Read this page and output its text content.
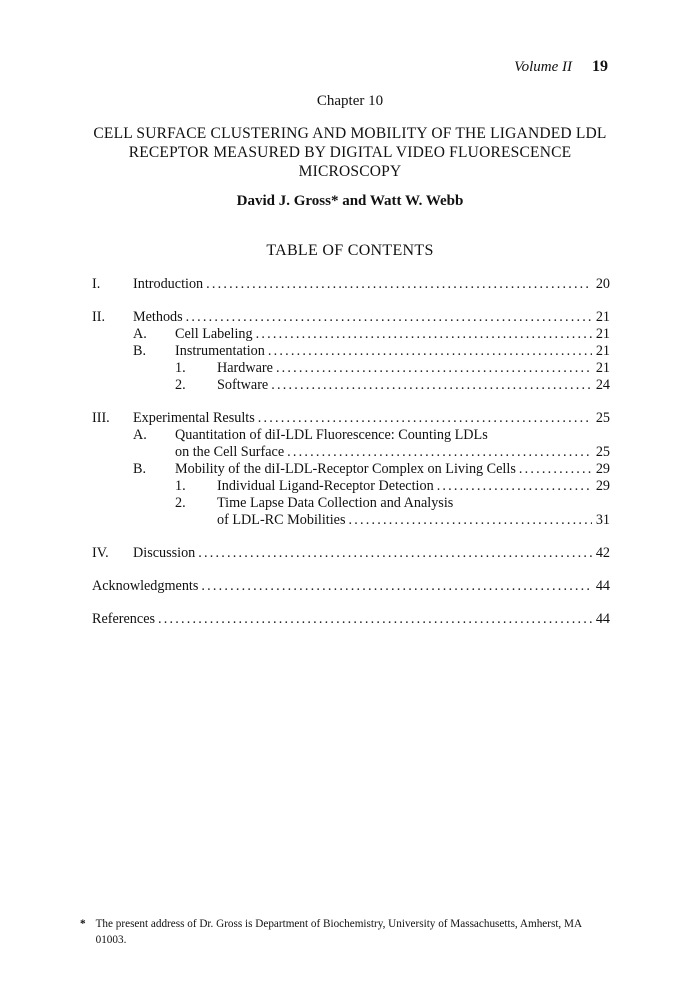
Volume II 19
Chapter 10
CELL SURFACE CLUSTERING AND MOBILITY OF THE LIGANDED LDL
RECEPTOR MEASURED BY DIGITAL VIDEO FLUORESCENCE
MICROSCOPY
David J. Gross* and Watt W. Webb
TABLE OF CONTENTS
I. Introduction .....	20
II. Methods .....	21
A. Cell Labeling .....	21
B. Instrumentation .....	21
1. Hardware .....	21
2. Software .....	24
III. Experimental Results .....	25
A. Quantitation of diI-LDL Fluorescence: Counting LDLs
on the Cell Surface .....	25
B. Mobility of the diI-LDL-Receptor Complex on Living Cells .....	29
1. Individual Ligand-Receptor Detection .....	29
2. Time Lapse Data Collection and Analysis
of LDL-RC Mobilities .....	31
IV. Discussion .....	42
Acknowledgments .....	44
References .....	44
* The present address of Dr. Gross is Department of Biochemistry, University of Massachusetts, Amherst, MA 01003.
